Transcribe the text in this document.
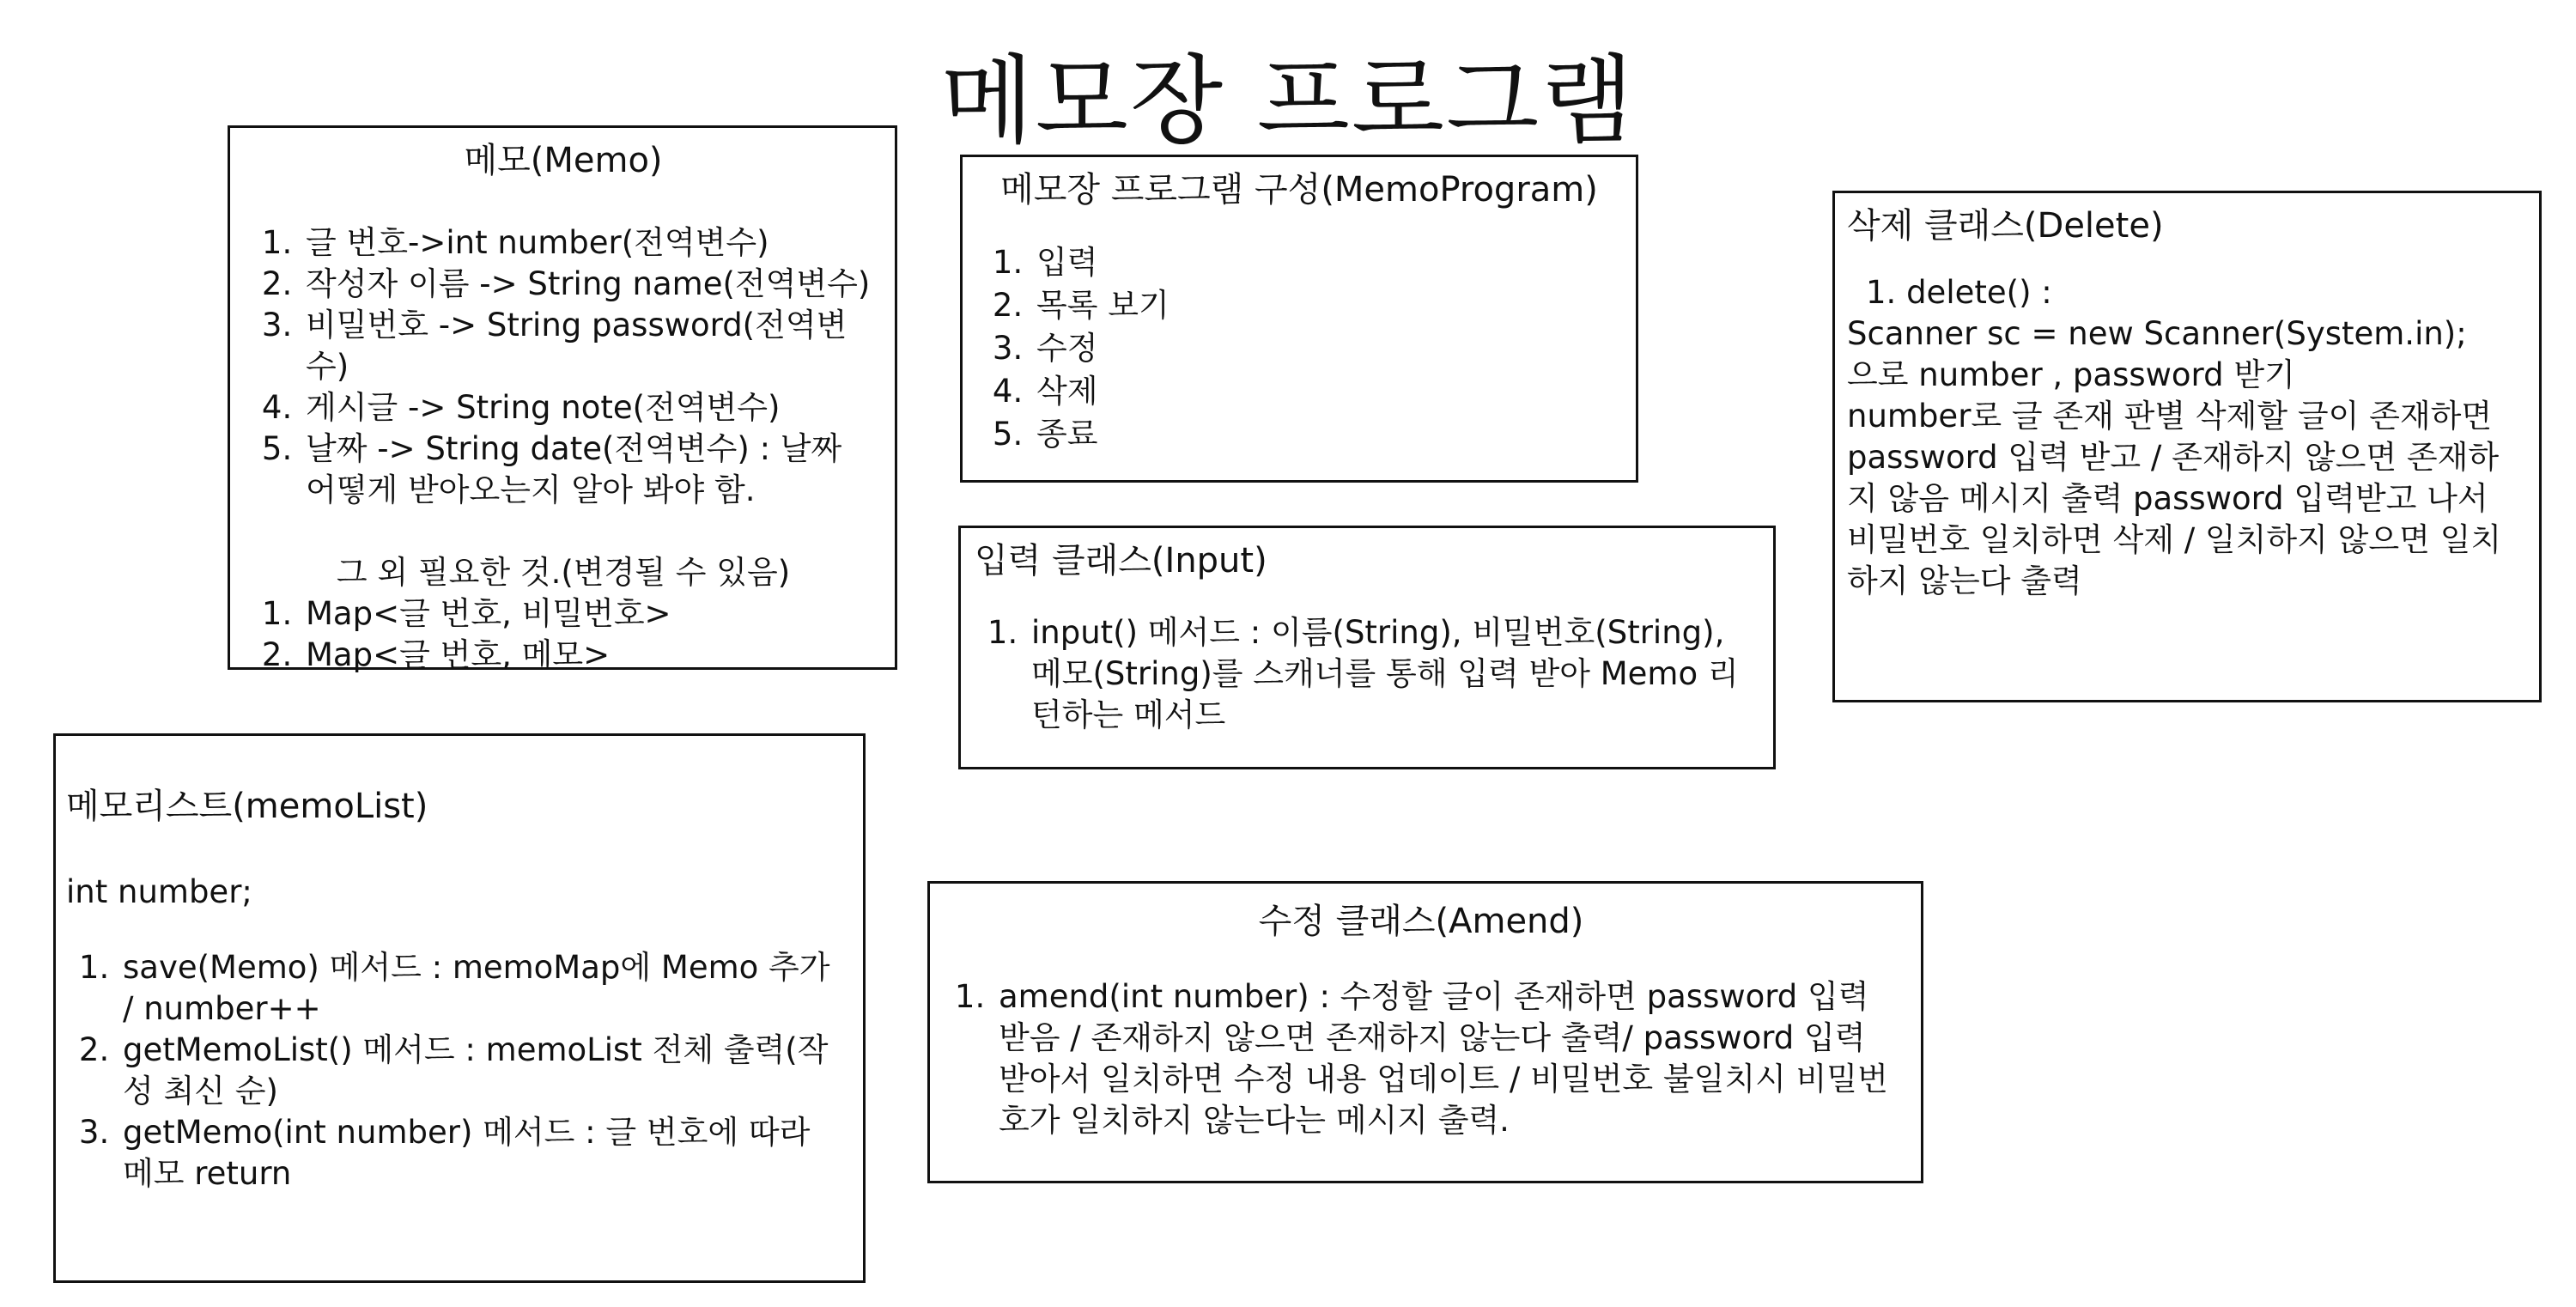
메모장 프로그램
메모(Memo)
1. 글 번호->int number(전역변수)
2. 작성자 이름 -> String name(전역변수)
3. 비밀번호 -> String password(전역변수)
4. 게시글 -> String note(전역변수)
5. 날짜 -> String date(전역변수) : 날짜 어떻게 받아오는지 알아 봐야 함.
그 외 필요한 것.(변경될 수 있음)
1. Map<글 번호, 비밀번호>
2. Map<글 번호, 메모>
메모장 프로그램 구성(MemoProgram)
1. 입력
2. 목록 보기
3. 수정
4. 삭제
5. 종료
입력 클래스(Input)
1. input() 메서드 : 이름(String), 비밀번호(String), 메모(String)를 스캐너를 통해 입력 받아 Memo 리턴하는 메서드
삭제 클래스(Delete)
1. delete() :
Scanner sc = new Scanner(System.in);
으로 number , password 받기
number로 글 존재 판별 삭제할 글이 존재하면 password 입력 받고 / 존재하지 않으면 존재하지 않음 메시지 출력 password 입력받고 나서 비밀번호 일치하면 삭제 / 일치하지 않으면 일치하지 않는다 출력
메모리스트(memoList)
int number;
1. save(Memo) 메서드 : memoMap에 Memo 추가 / number++
2. getMemoList() 메서드 : memoList 전체 출력(작성 최신 순)
3. getMemo(int number) 메서드 : 글 번호에 따라 메모 return
수정 클래스(Amend)
1. amend(int number) : 수정할 글이 존재하면 password 입력받음 / 존재하지 않으면 존재하지 않는다 출력/ password 입력 받아서 일치하면 수정 내용 업데이트 / 비밀번호 불일치시 비밀번호가 일치하지 않는다는 메시지 출력.
